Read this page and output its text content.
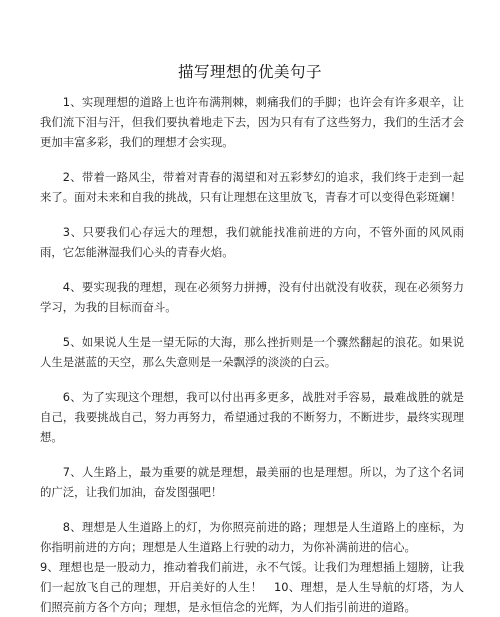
描写理想的优美句子

1、实现理想的道路上也许布满荆棘，刺痛我们的手脚；也许会有许多艰辛，让我们流下泪与汗，但我们要执着地走下去，因为只有有了这些努力，我们的生活才会更加丰富多彩，我们的理想才会实现。

2、带着一路风尘，带着对青春的渴望和对五彩梦幻的追求，我们终于走到一起来了。面对未来和自我的挑战，只有让理想在这里放飞，青春才可以变得色彩斑斓！

3、只要我们心存远大的理想，我们就能找准前进的方向，不管外面的风风雨雨，它怎能淋湿我们心头的青春火焰。

4、要实现我的理想，现在必须努力拼搏，没有付出就没有收获，现在必须努力学习，为我的目标而奋斗。

5、如果说人生是一望无际的大海，那么挫折则是一个骤然翻起的浪花。如果说人生是湛蓝的天空，那么失意则是一朵飘浮的淡淡的白云。

6、为了实现这个理想，我可以付出再多更多，战胜对手容易，最难战胜的就是自己，我要挑战自己，努力再努力，希望通过我的不断努力，不断进步，最终实现理想。

7、人生路上，最为重要的就是理想，最美丽的也是理想。所以，为了这个名词的广泛，让我们加油，奋发图强吧！

8、理想是人生道路上的灯，为你照亮前进的路；理想是人生道路上的座标，为你指明前进的方向；理想是人生道路上行驶的动力，为你补满前进的信心。

9、理想也是一股动力，推动着我们前进，永不气馁。让我们为理想插上翅膀，让我们一起放飞自己的理想，开启美好的人生！　10、理想，是人生导航的灯塔，为人们照亮前方各个方向；理想，是永恒信念的光辉，为人们指引前进的道路。
